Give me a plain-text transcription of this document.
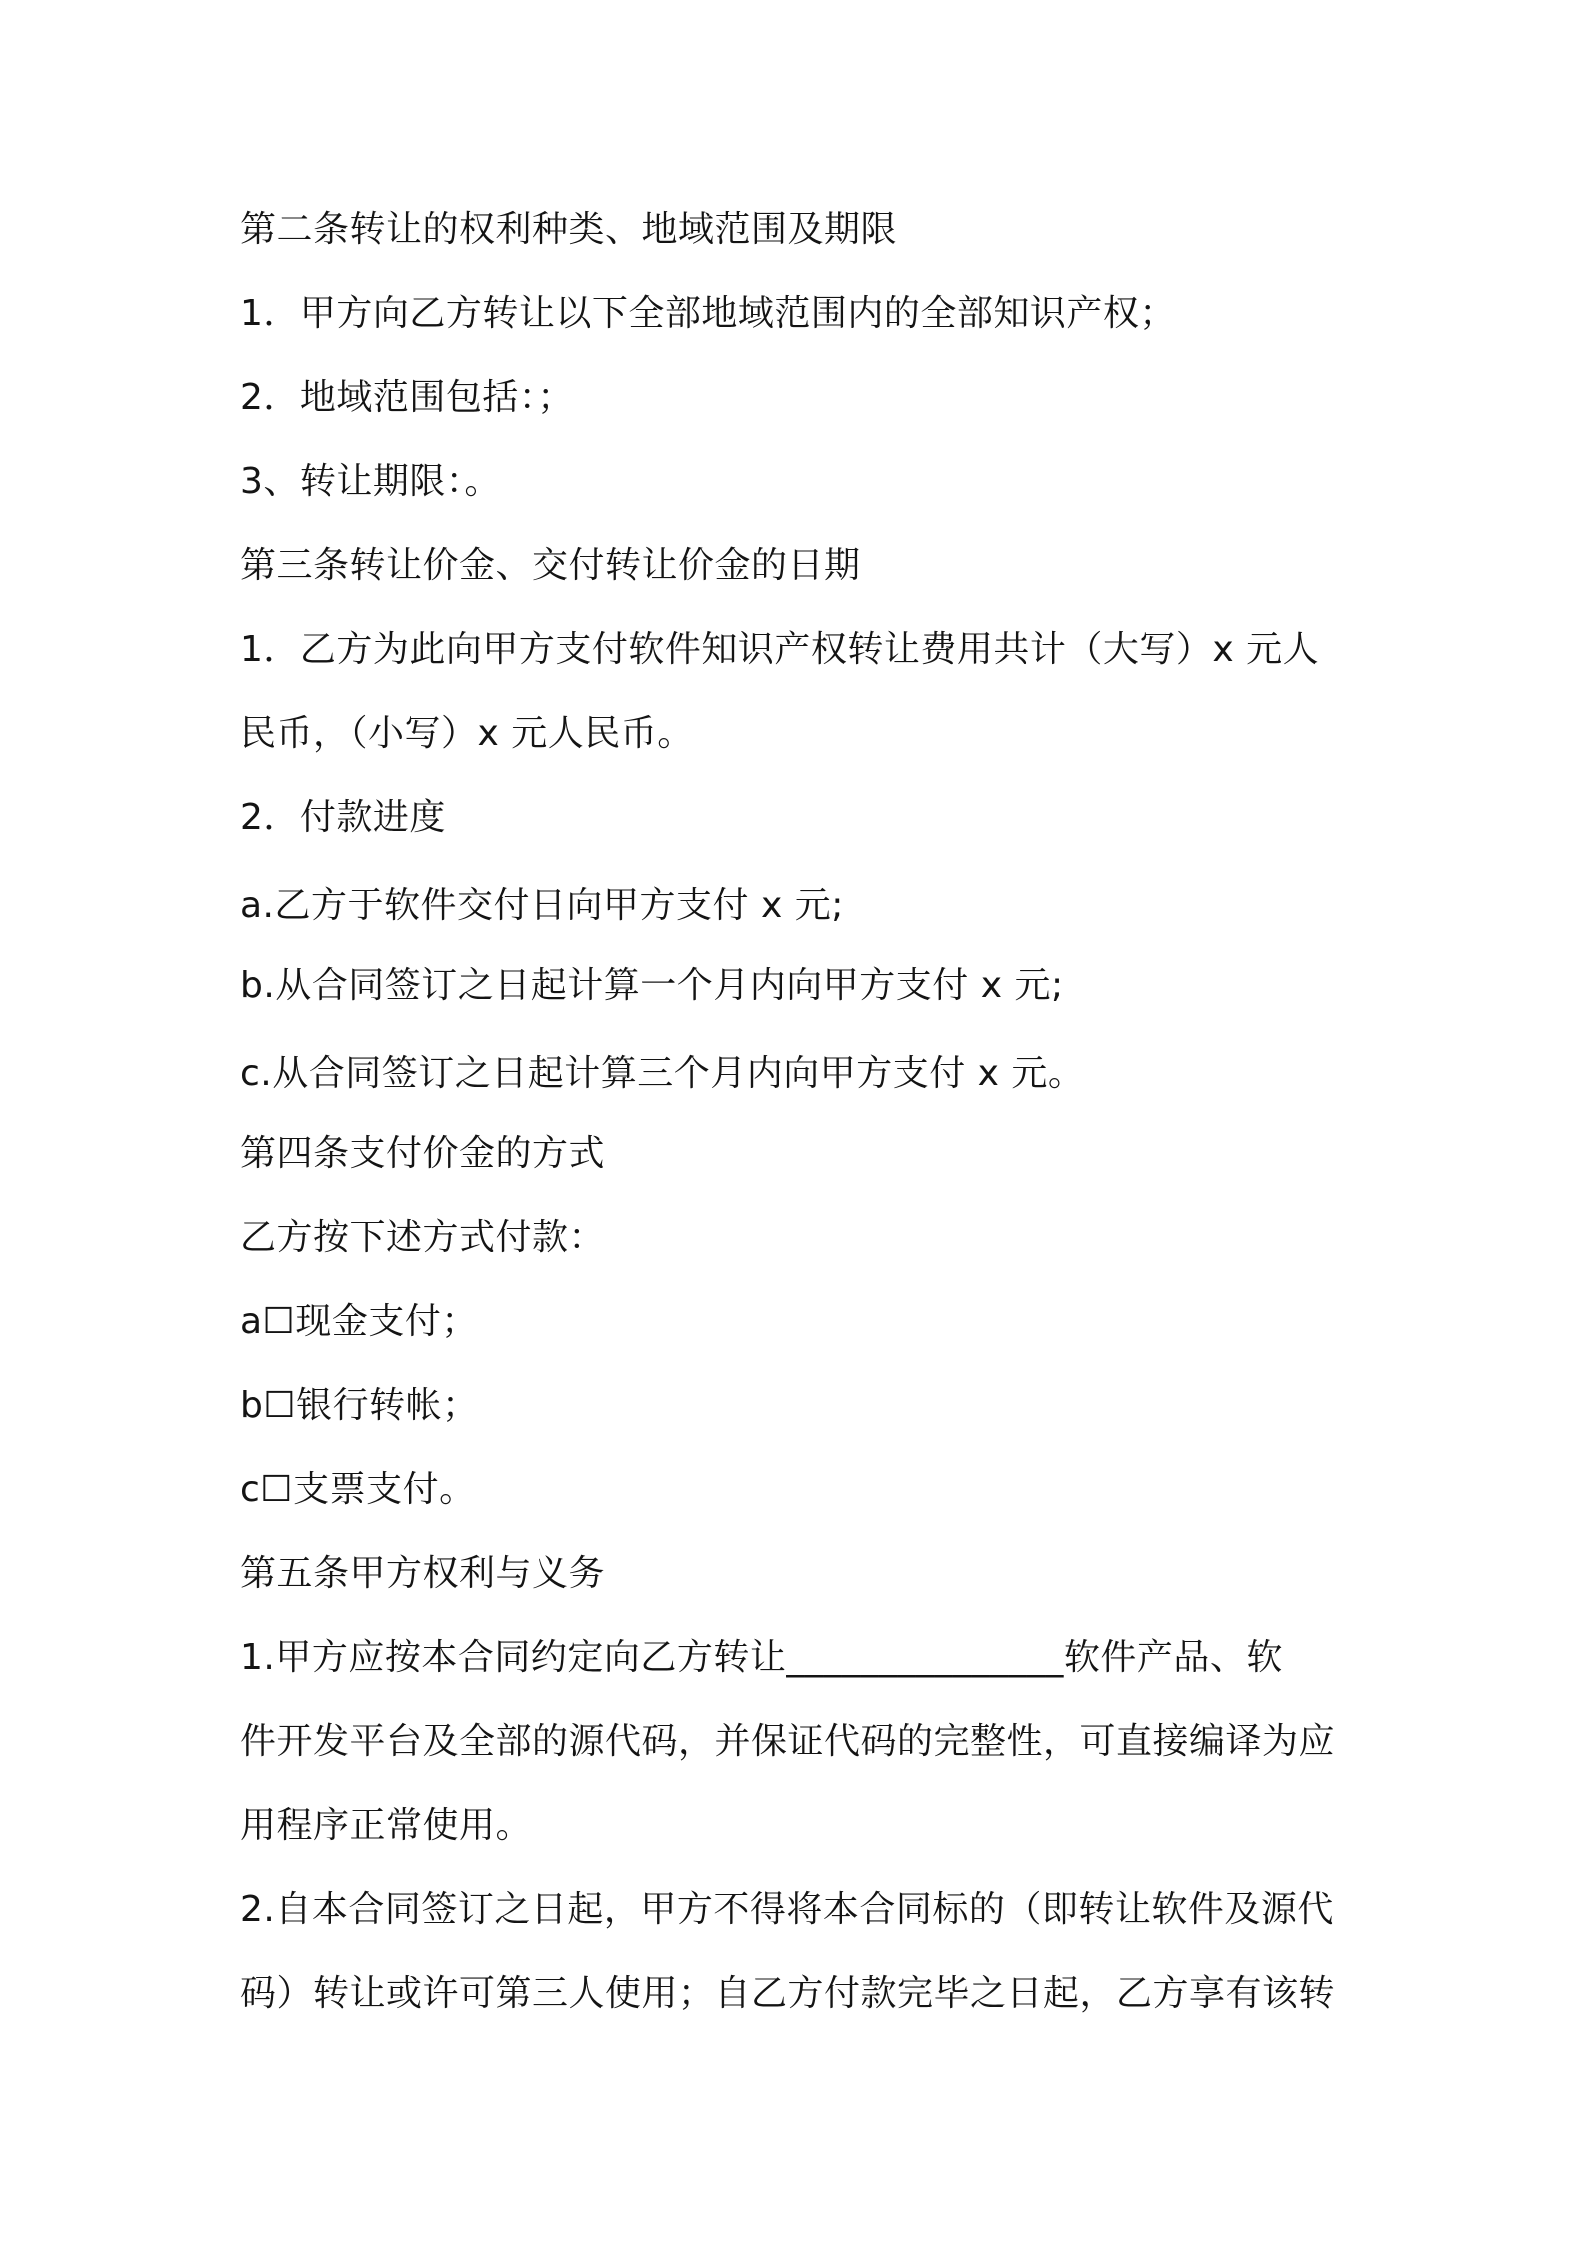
第二条转让的权利种类、地域范围及期限
1．甲方向乙方转让以下全部地域范围内的全部知识产权；
2．地域范围包括：；
3、转让期限：。
第三条转让价金、交付转让价金的日期
1．乙方为此向甲方支付软件知识产权转让费用共计（大写）x 元人
民币，（小写）x 元人民币。
2．付款进度
a.乙方于软件交付日向甲方支付 x 元;
b.从合同签订之日起计算一个月内向甲方支付 x 元;
c.从合同签订之日起计算三个月内向甲方支付 x 元。
第四条支付价金的方式
乙方按下述方式付款：
a☐现金支付；
b☐银行转帐；
c☐支票支付。
第五条甲方权利与义务
1.甲方应按本合同约定向乙方转让_______________软件产品、软
件开发平台及全部的源代码，并保证代码的完整性，可直接编译为应
用程序正常使用。
2.自本合同签订之日起，甲方不得将本合同标的（即转让软件及源代
码）转让或许可第三人使用；自乙方付款完毕之日起，乙方享有该转
